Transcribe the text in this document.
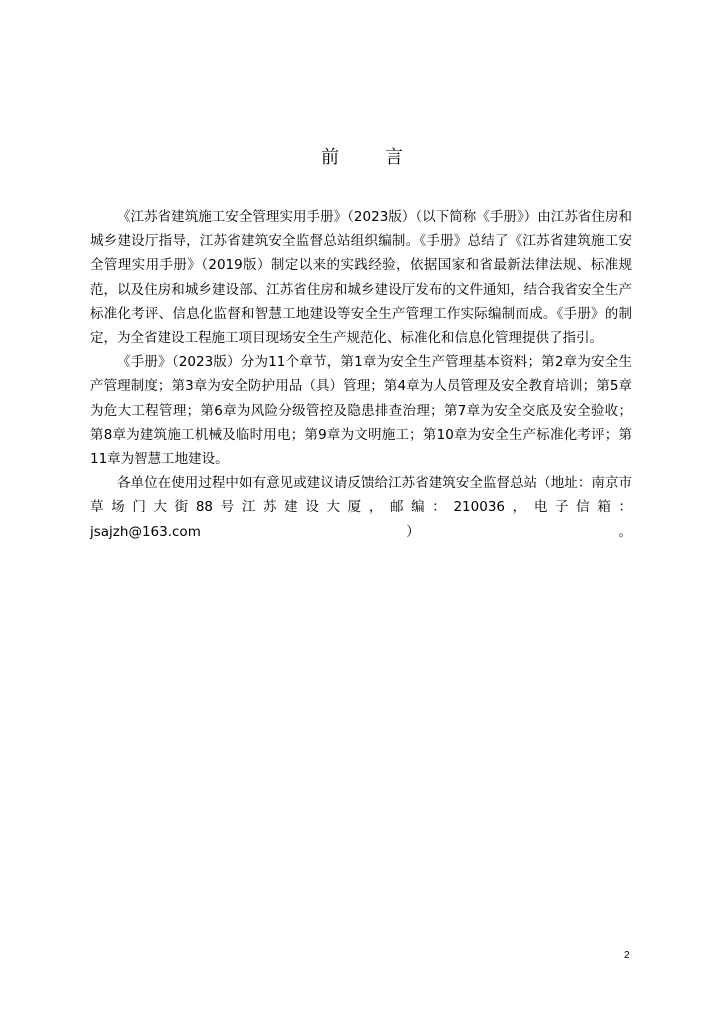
前　言

《江苏省建筑施工安全管理实用手册》（2023版）（以下简称《手册》）由江苏省住房和城乡建设厅指导，江苏省建筑安全监督总站组织编制。《手册》总结了《江苏省建筑施工安全管理实用手册》（2019版）制定以来的实践经验，依据国家和省最新法律法规、标准规范，以及住房和城乡建设部、江苏省住房和城乡建设厅发布的文件通知，结合我省安全生产标准化考评、信息化监督和智慧工地建设等安全生产管理工作实际编制而成。《手册》的制定，为全省建设工程施工项目现场安全生产规范化、标准化和信息化管理提供了指引。

《手册》（2023版）分为11个章节，第1章为安全生产管理基本资料；第2章为安全生产管理制度；第3章为安全防护用品（具）管理；第4章为人员管理及安全教育培训；第5章为危大工程管理；第6章为风险分级管控及隐患排查治理；第7章为安全交底及安全验收；第8章为建筑施工机械及临时用电；第9章为文明施工；第10章为安全生产标准化考评；第11章为智慧工地建设。

各单位在使用过程中如有意见或建议请反馈给江苏省建筑安全监督总站（地址：南京市草场门大街88号江苏建设大厦，邮编：210036，电子信箱：
jsajzh@163.com）。

2
